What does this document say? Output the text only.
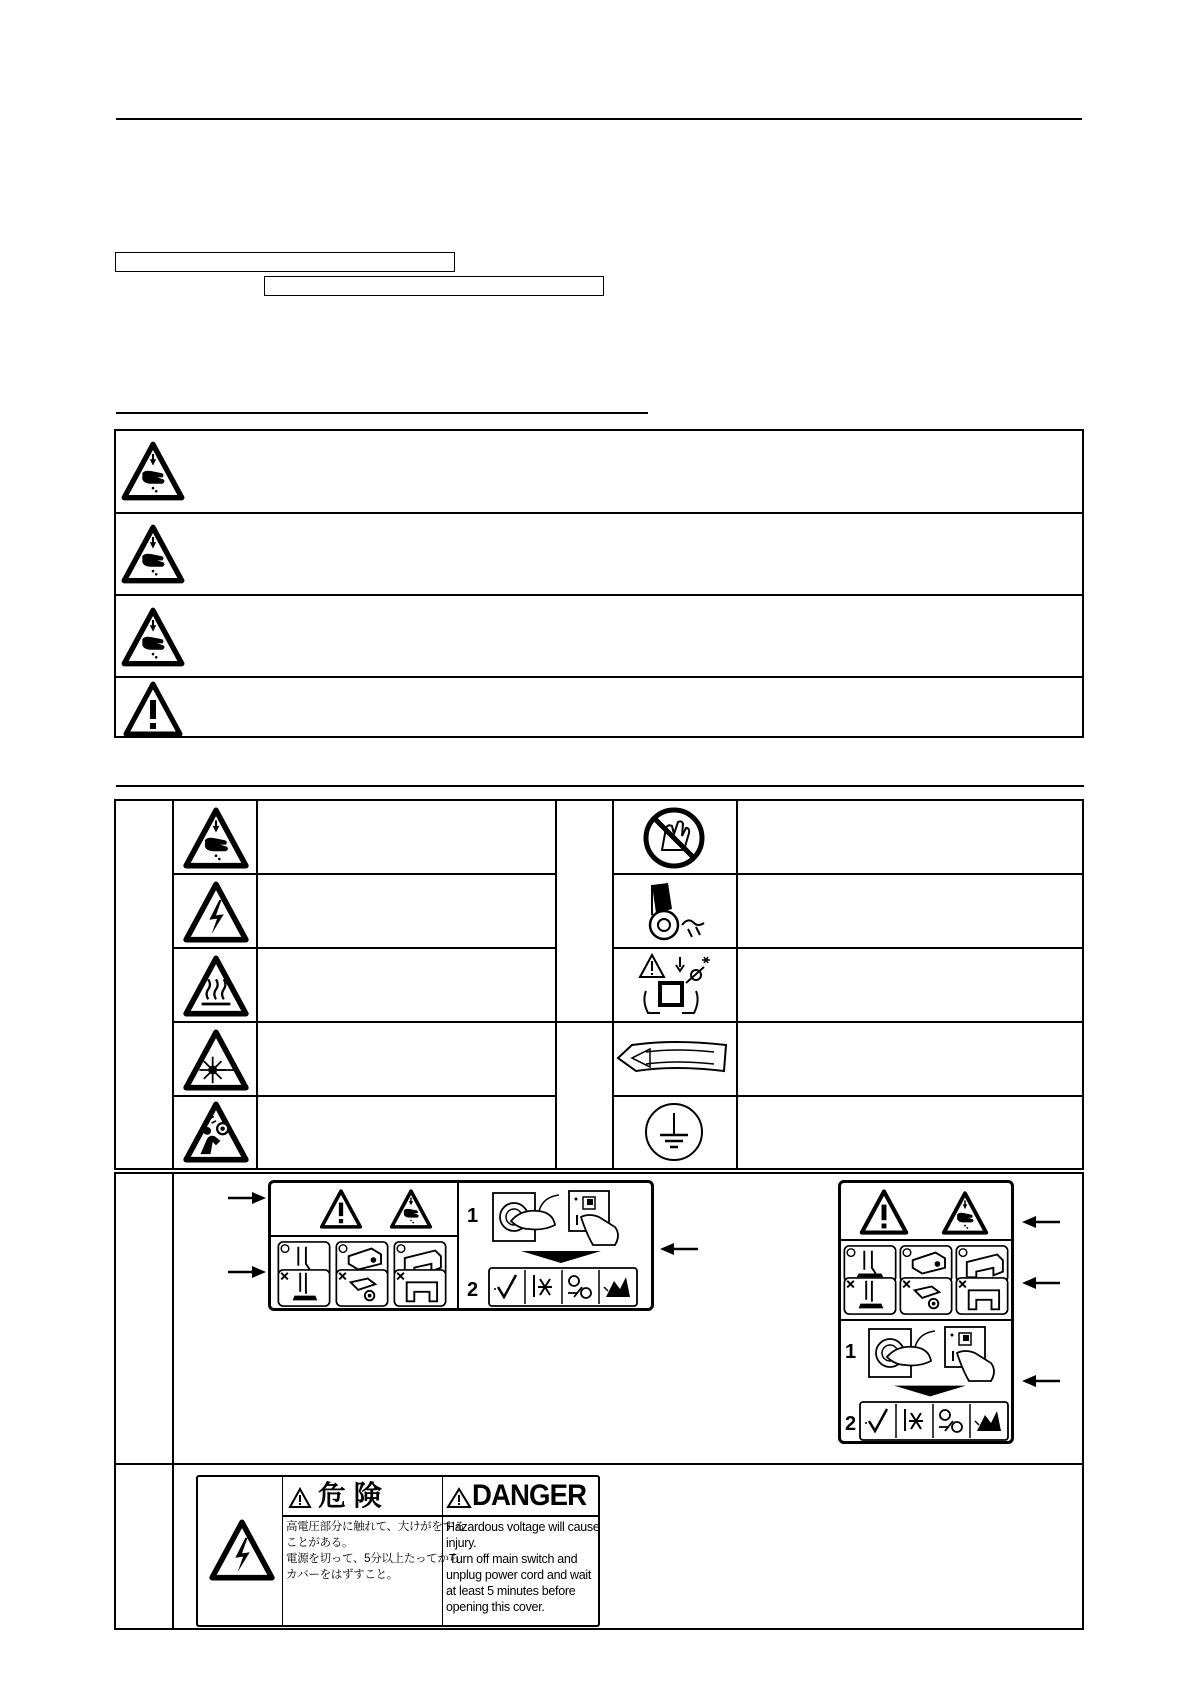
1
2
1
2
危 険	DANGER
高電圧部分に触れて、大けがをする
ことがある。
電源を切って、5分以上たってから
カバーをはずすこと。
Hazardous voltage will cause
injury.
Turn off main switch and
unplug power cord and wait
at least 5 minutes before
opening this cover.
